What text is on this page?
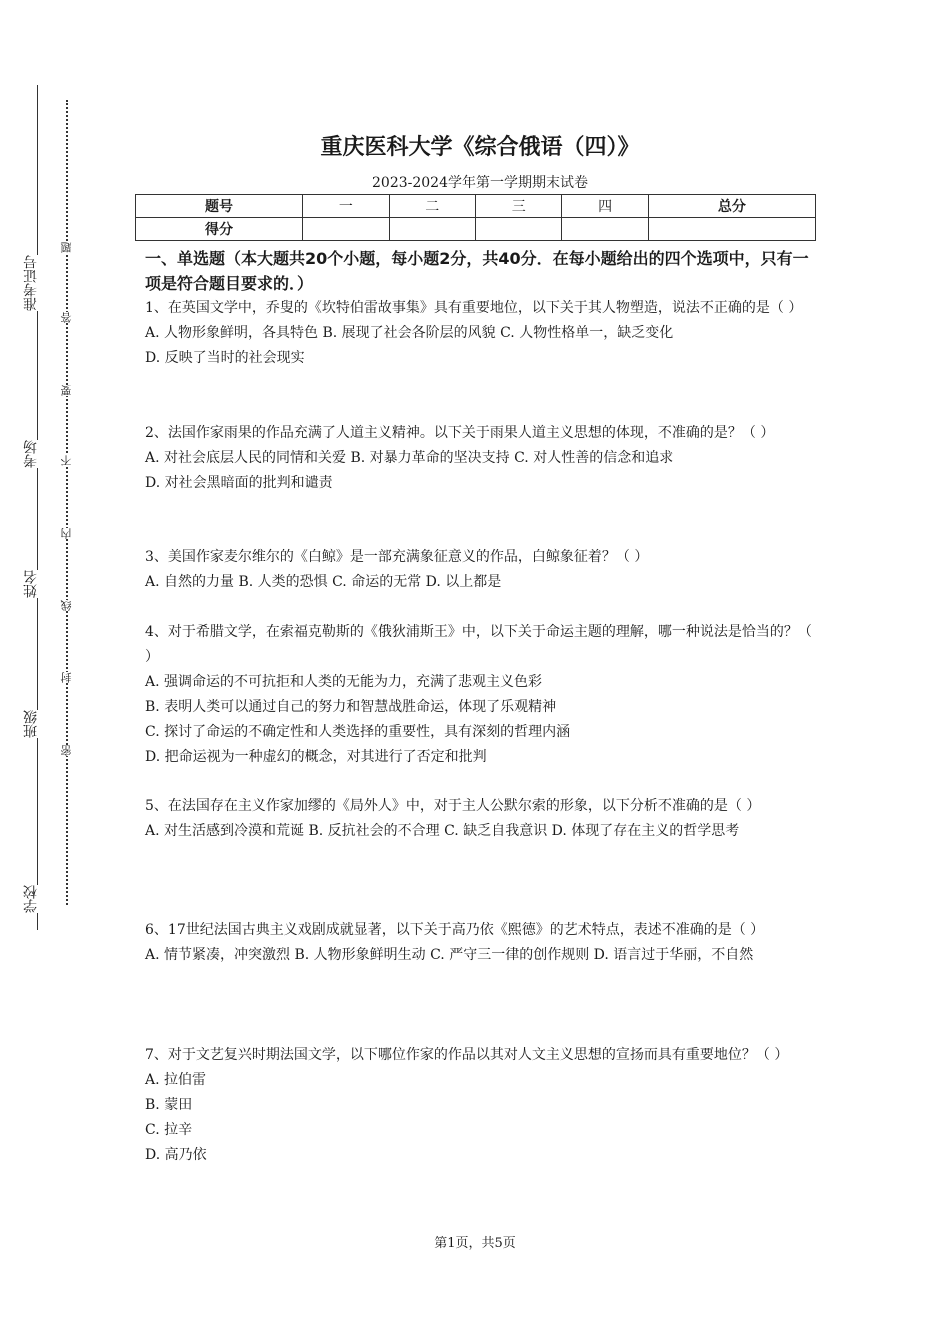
准考证号
考场
姓名
班级
学校
题
答
要
不
内
线
封
密
重庆医科大学《综合俄语（四）》
2023-2024学年第一学期期末试卷
题号	一	二	三	四	总分
得分					
一、单选题（本大题共20个小题，每小题2分，共40分．在每小题给出的四个选项中，只有一项是符合题目要求的．）

1、在英国文学中，乔叟的《坎特伯雷故事集》具有重要地位，以下关于其人物塑造，说法不正确的是（ ）

A. 人物形象鲜明，各具特色 B. 展现了社会各阶层的风貌 C. 人物性格单一，缺乏变化

D. 反映了当时的社会现实

2、法国作家雨果的作品充满了人道主义精神。以下关于雨果人道主义思想的体现，不准确的是？（ ）

A. 对社会底层人民的同情和关爱 B. 对暴力革命的坚决支持 C. 对人性善的信念和追求

D. 对社会黑暗面的批判和谴责

3、美国作家麦尔维尔的《白鲸》是一部充满象征意义的作品，白鲸象征着？（ ）

A. 自然的力量 B. 人类的恐惧 C. 命运的无常 D. 以上都是

4、对于希腊文学，在索福克勒斯的《俄狄浦斯王》中，以下关于命运主题的理解，哪一种说法是恰当的？（ ）

A. 强调命运的不可抗拒和人类的无能为力，充满了悲观主义色彩

B. 表明人类可以通过自己的努力和智慧战胜命运，体现了乐观精神

C. 探讨了命运的不确定性和人类选择的重要性，具有深刻的哲理内涵

D. 把命运视为一种虚幻的概念，对其进行了否定和批判

5、在法国存在主义作家加缪的《局外人》中，对于主人公默尔索的形象，以下分析不准确的是（ ）

A. 对生活感到冷漠和荒诞 B. 反抗社会的不合理 C. 缺乏自我意识 D. 体现了存在主义的哲学思考

6、17世纪法国古典主义戏剧成就显著，以下关于高乃依《熙德》的艺术特点，表述不准确的是（ ）

A. 情节紧凑，冲突激烈 B. 人物形象鲜明生动 C. 严守三一律的创作规则 D. 语言过于华丽，不自然

7、对于文艺复兴时期法国文学，以下哪位作家的作品以其对人文主义思想的宣扬而具有重要地位？（ ）

A. 拉伯雷

B. 蒙田

C. 拉辛

D. 高乃依

第1页，共5页
